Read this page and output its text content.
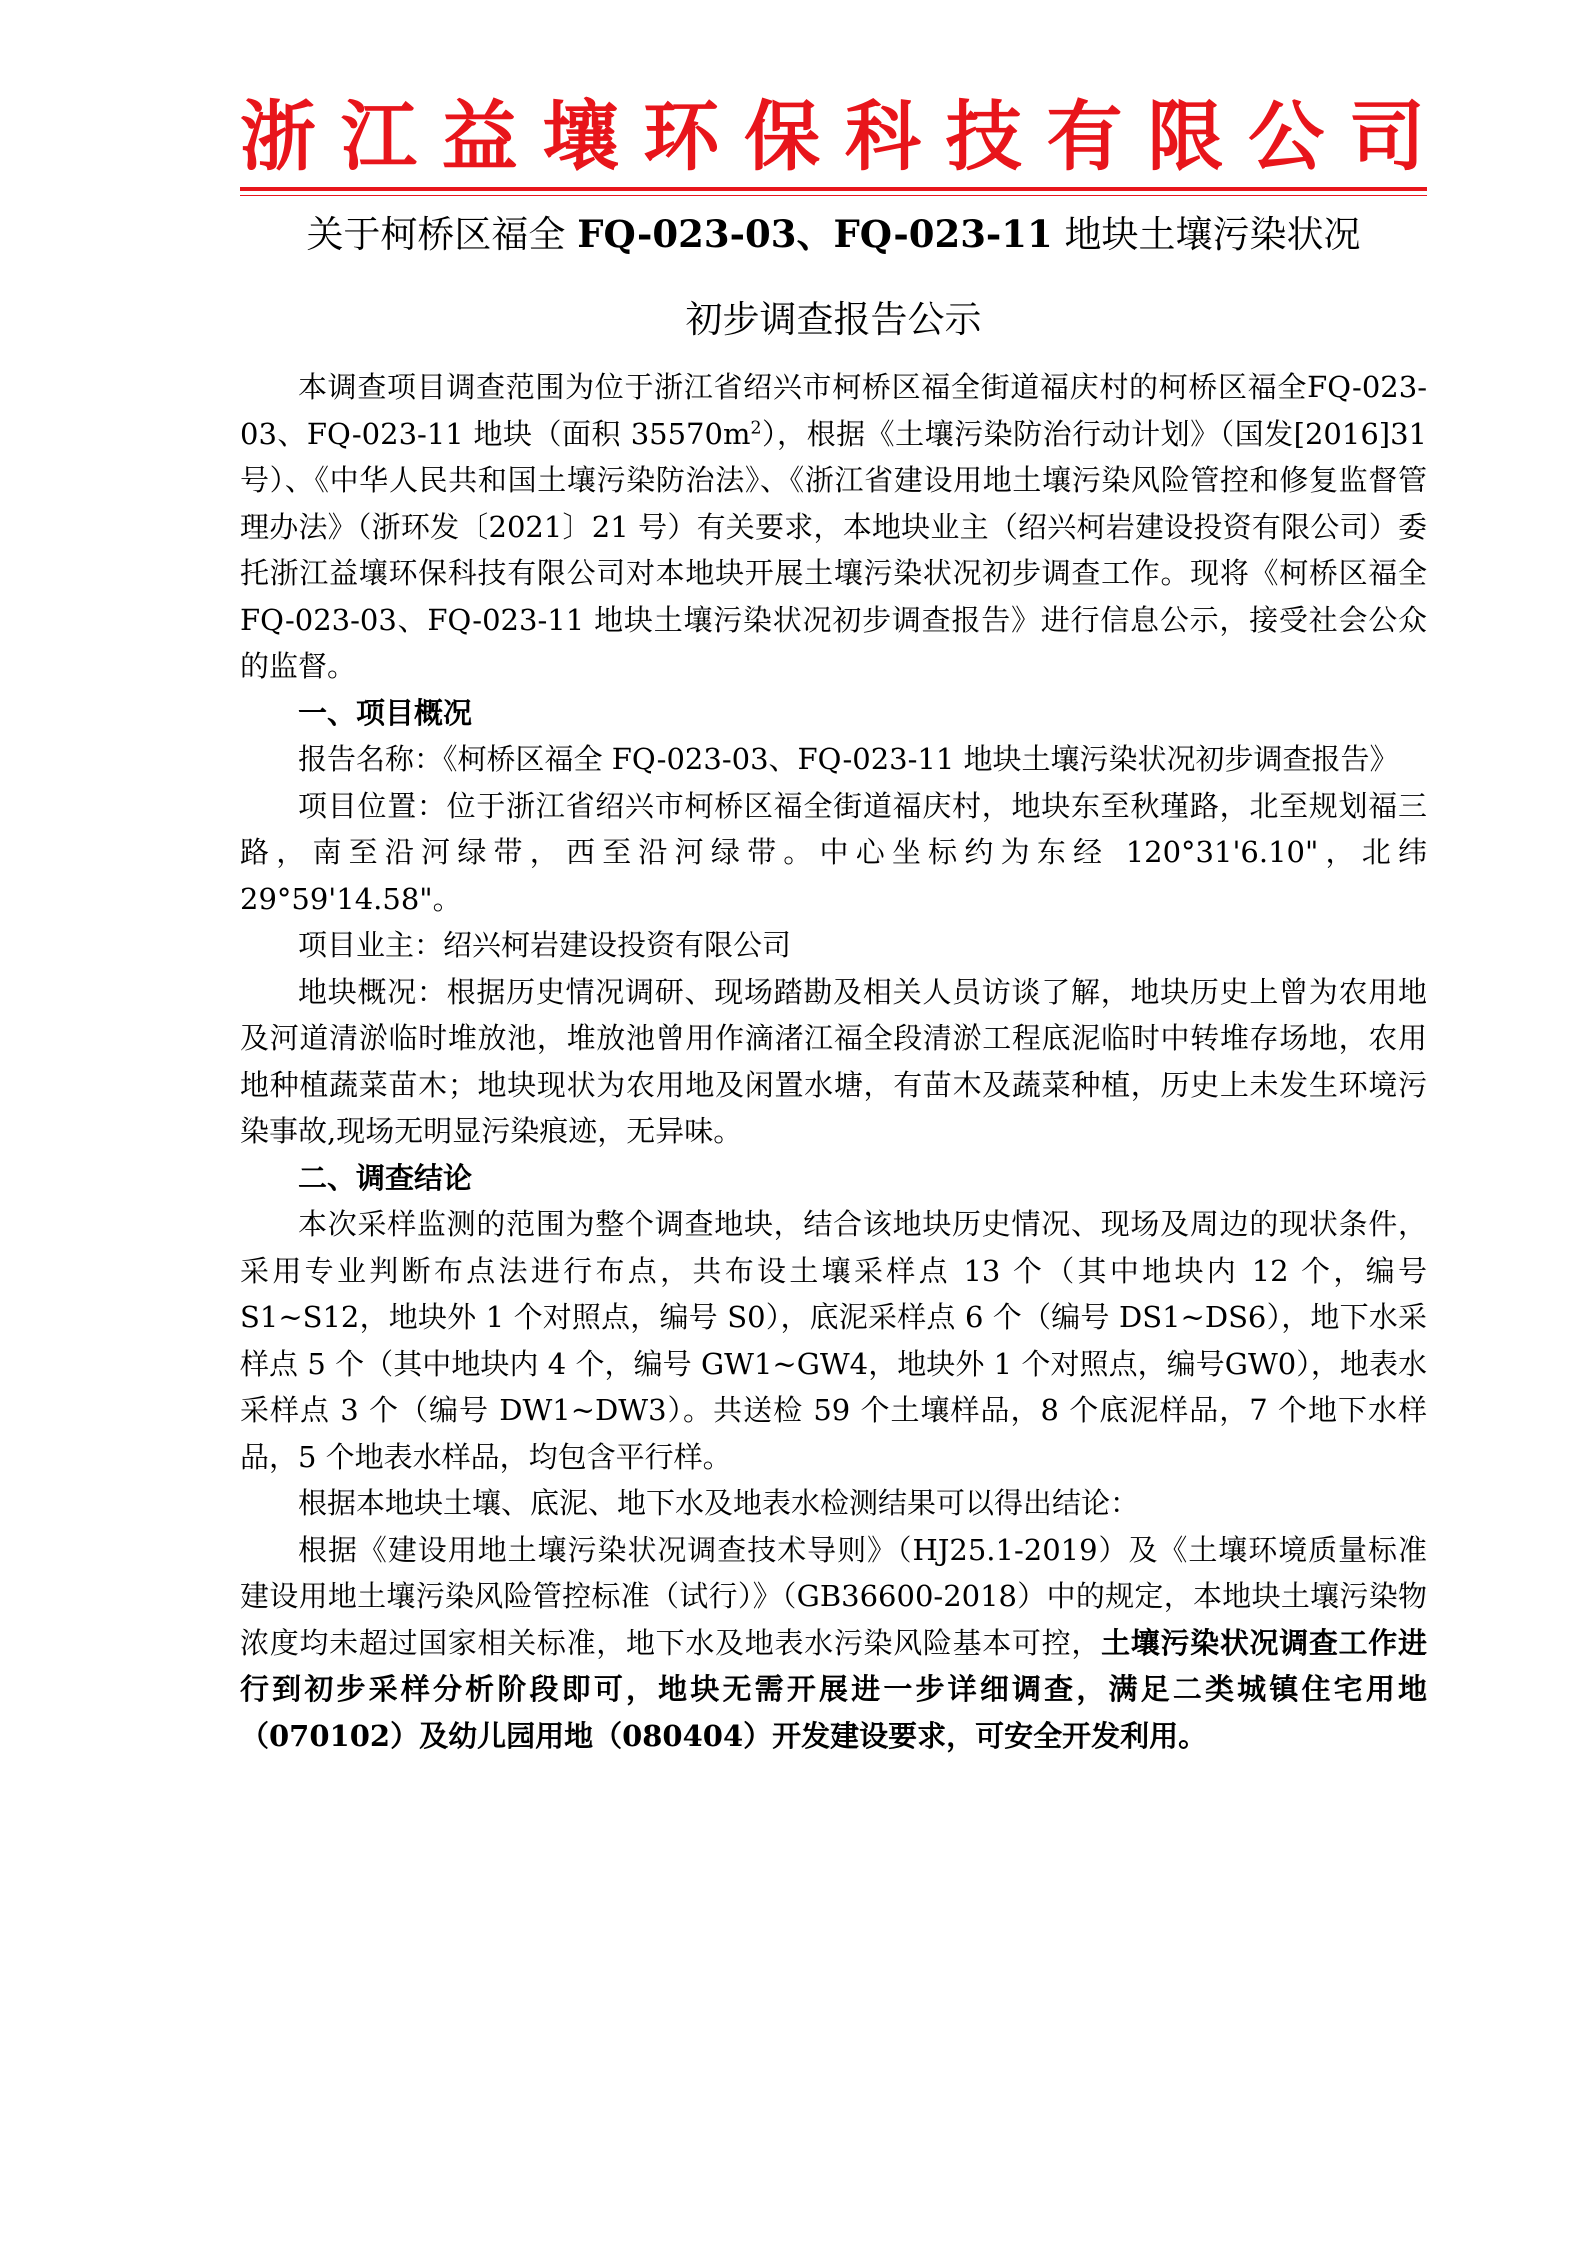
浙 江 益 壤 环 保 科 技 有 限 公 司
关于柯桥区福全 FQ-023-03、FQ-023-11 地块土壤污染状况
初步调查报告公示

本调查项目调查范围为位于浙江省绍兴市柯桥区福全街道福庆村的柯桥区福全FQ-023-03、FQ-023-11 地块（面积 $35570m^2$），根据《土壤污染防治行动计划》（国发[2016]31 号）、《中华人民共和国土壤污染防治法》、《浙江省建设用地土壤污染风险管控和修复监督管理办法》（浙环发〔2021〕21 号）有关要求，本地块业主（绍兴柯岩建设投资有限公司）委托浙江益壤环保科技有限公司对本地块开展土壤污染状况初步调查工作。现将《柯桥区福全 FQ-023-03、FQ-023-11 地块土壤污染状况初步调查报告》进行信息公示，接受社会公众的监督。

一、项目概况

报告名称：《柯桥区福全 FQ-023-03、FQ-023-11 地块土壤污染状况初步调查报告》

项目位置：位于浙江省绍兴市柯桥区福全街道福庆村，地块东至秋瑾路，北至规划福三路，南至沿河绿带，西至沿河绿带。中心坐标约为东经 120°31'6.10"，北纬29°59'14.58"。

项目业主：绍兴柯岩建设投资有限公司

地块概况：根据历史情况调研、现场踏勘及相关人员访谈了解，地块历史上曾为农用地及河道清淤临时堆放池，堆放池曾用作滴渚江福全段清淤工程底泥临时中转堆存场地，农用地种植蔬菜苗木；地块现状为农用地及闲置水塘，有苗木及蔬菜种植，历史上未发生环境污染事故,现场无明显污染痕迹，无异味。

二、调查结论

本次采样监测的范围为整个调查地块，结合该地块历史情况、现场及周边的现状条件，采用专业判断布点法进行布点，共布设土壤采样点 13 个（其中地块内 12 个，编号 S1~S12，地块外 1 个对照点，编号 S0），底泥采样点 6 个（编号 DS1~DS6），地下水采样点 5 个（其中地块内 4 个，编号 GW1~GW4，地块外 1 个对照点，编号GW0），地表水采样点 3 个（编号 DW1~DW3）。共送检 59 个土壤样品，8 个底泥样品，7 个地下水样品，5 个地表水样品，均包含平行样。

根据本地块土壤、底泥、地下水及地表水检测结果可以得出结论：

根据《建设用地土壤污染状况调查技术导则》（HJ25.1-2019）及《土壤环境质量标准 建设用地土壤污染风险管控标准（试行）》（GB36600-2018）中的规定，本地块土壤污染物浓度均未超过国家相关标准，地下水及地表水污染风险基本可控，土壤污染状况调查工作进行到初步采样分析阶段即可，地块无需开展进一步详细调查，满足二类城镇住宅用地（070102）及幼儿园用地（080404）开发建设要求，可安全开发利用。
